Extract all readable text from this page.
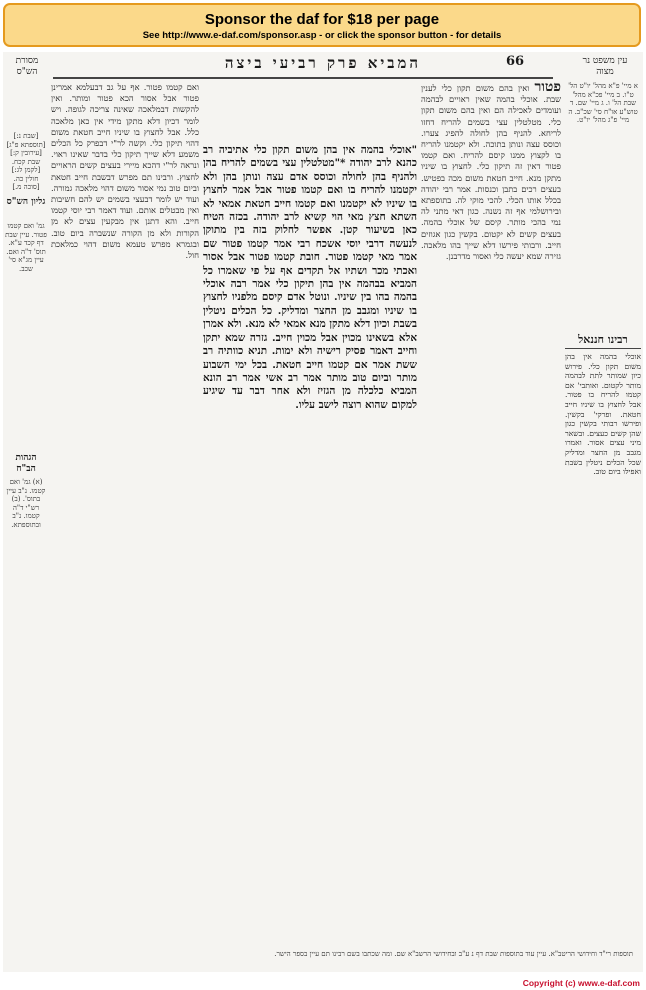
Sponsor the daf for $18 per page
See http://www.e-daf.com/sponsor.asp - or click the sponsor button - for details
עין משפט נר מצוה
66
המביא פרק רביעי ביצה
מסורת הש"ס
[שבת נ:] [תוספתא פ"ג] [עירובין ק:] שבת קכח. [לקמן לג:] חולין כה. [סוכה מ.]
גליון הש"ס
גמ' ואם קטמו פטור. עיין שבת דף קכד ע"א. תוס' ד"ה ואם. עיין מג"א סי' שכב.
הגהות הב"ח
(א) גמ' ואם קטמו. נ"ב עיין בתוס'. (ב) רש"י ד"ה קטמו. נ"ב ובתוספתא.
ואם קטמו פטור. אף על גב דבעלמא אמרינן פטור אבל אסור הכא פטור ומותר. ואין להקשות דבמלאכה שאינה צריכה לגופה. ויש לומר דכיון דלא מתקן מידי אין כאן מלאכה כלל. אבל לחצוץ בו שיניו חייב חטאת משום דהוי תיקון כלי. וקשה לר"י דבפרק כל הכלים משמע דלא שייך תיקון כלי בדבר שאינו ראוי. ונראה לר"י דהכא מיירי בעצים קשים הראויים לחצוץ. ורבינו תם מפרש דבשבת חייב חטאת וביום טוב נמי אסור משום דהוי מלאכה גמורה. ועוד יש לומר דבעצי בשמים יש להם חשיבות ואין מבטלים אותם. ועוד דאמר רבי יוסי קטמו חייב. והא דתנן אין מבקעין עצים לא מן הקורות ולא מן הקורה שנשברה ביום טוב. ובגמרא מפרש טעמא משום דהוי כמלאכת חול.
"אוכלי בהמה אין בהן משום תקון כלי אתיביה רב כהנא לרב יהודה *"מטלטלין עצי בשמים להריח בהן ולהניף בהן לחולה וכוסס אדם עצה ונותן בהן ולא יקטמנו להריח בו ואם קטמו פטור אבל אמר לחצוץ בו שיניו לא יקטמנו ואם קטמו חייב חטאת אמאי לא השתא חצץ מאי הוי קשיא לרב יהודה. בכזה הטיח כאן בשיעור קטן. אפשר לחלוק בזה בין מתוקן לנעשה דרבי יוסי אשכח רבי אמר קטמו פטור שם אמר מאי קטמו פטור. חובת קטמו פטור אבל אסור ואכתי מכר ושתיו אל תקדים אף על פי שאמרו כל המביא בבהמה אין בהן תיקון כלי אמר רבה אוכלי בהמה בהו בין שיניו. ונוטל אדם קיסם מלפניו לחצוץ בו שיניו ומגבב מן החצר ומדליק. כל הכלים ניטלין בשבת וכיון דלא מתקן מנא אמאי לא מנא. ולא אמרן אלא בשאינו מכוין אבל מכוין חייב. גזרה שמא יתקן וחייב דאמר פסיק רישיה ולא ימות. תניא כוותיה רב ששת אמר אם קטמו חייב חטאת. בכל ימי השבוע מותר וביום טוב מותר אמר רב אשי אמר רב הונא המביא כלכלה מן הגזיז ולא אחר דבר עד שיגיע למקום שהוא רוצה לישב עליו.
פטור ואין בהם משום תקון כלי לענין שבת. אוכלי בהמה שאין ראויים לבהמה ועומדים לאכילה הם ואין בהם משום תקון כלי. מטלטלין עצי בשמים להריח דחזו לריחא. להניף בהן לחולה להפיג צערו. וכוסס עצה ונותן בתוכה. ולא יקטמנו להריח בו לקצוץ ממנו קיסם להריח. ואם קטמו פטור דאין זה תיקון כלי. לחצוץ בו שיניו מתקן מנא. חייב חטאת משום מכה בפטיש. בעצים רכים בתבן וכנסות. אמר רבי יהודה בכלל אותו הכלי. להכי מוקי לה. בתוספתא ובירושלמי אף זה נשנה. כגון דאי מתני לה נמי בהכי מותר. קיסם של אוכלי בהמה. בעצים קשים לא יקטום. בקשין כגון אגוזים חייב. ורבותי פירשו דלא שייך בהו מלאכה. גזירה שמא יעשה כלי ואסור מדרבנן.
א מיי' פ"א מהל' יו"ט הל' ט"ו. ב מיי' פכ"א מהל' שבת הל' ו. ג מיי' שם. ד טוש"ע או"ח סי' שכ"ב. ה מיי' פ"ג מהל' יו"ט.
רבינו חננאל
אוכלי בהמה אין בהן משום תקון כלי. פירוש כיון שמותר לתת לבהמה מותר לקטום. ואותבי' אם קטמו להריח בו פטור. אבל לחצוץ בו שיניו חייב חטאת. ופרקי' בקשין. ופירשו רבותי בקשין כגון שהן קשים כעצים. ובשאר מיני עצים אסור. ואמרו מגבב מן החצר ומדליק שכל הכלים ניטלין בשבת ואפילו ביום טוב.
תוספות רי"ד וחידושי הריטב"א. עיין עוד בתוספות שבת דף נ ע"ב ובחידושי הרשב"א שם. ומה שכתבו בשם רבינו תם עיין בספר הישר.
Copyright (c) www.e-daf.com
